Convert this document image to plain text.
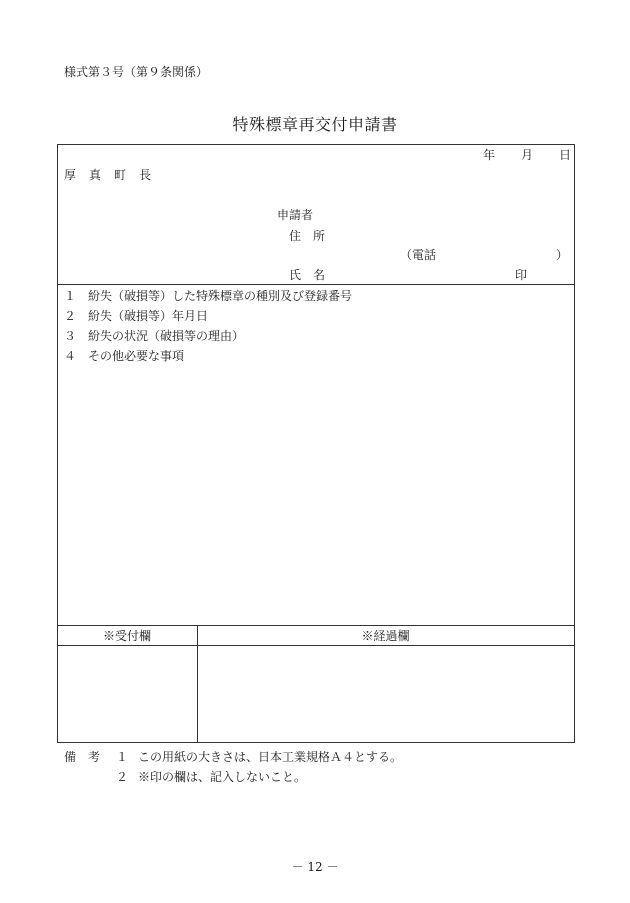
様式第３号（第９条関係）
特殊標章再交付申請書
年 月 日
厚　真　町　長
申請者
住　所
（電話	）
氏　名	印
１ 紛失（破損等）した特殊標章の種別及び登録番号
２ 紛失（破損等）年月日
３ 紛失の状況（破損等の理由）
４ その他必要な事項
※受付欄	※経過欄
備　考 １ この用紙の大きさは、日本工業規格Ａ４とする。
２ ※印の欄は、記入しないこと。
－ 12 －
